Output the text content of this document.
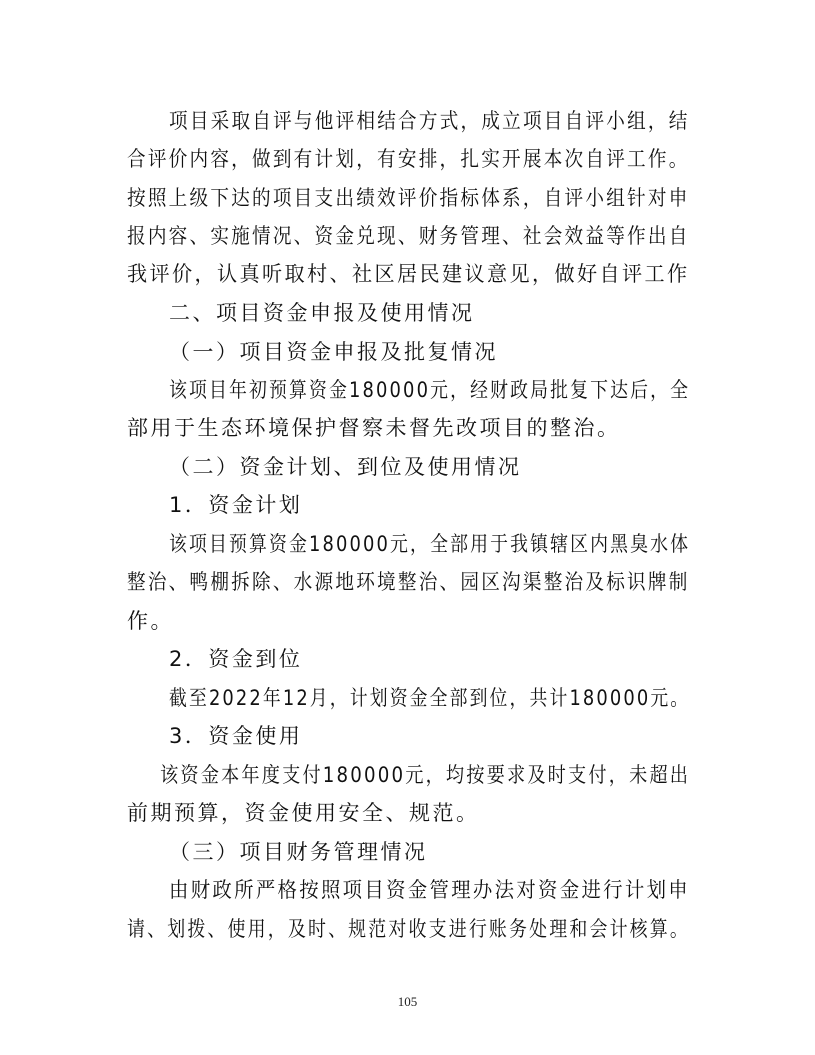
项目采取自评与他评相结合方式，成立项目自评小组，结
合评价内容，做到有计划，有安排，扎实开展本次自评工作。
按照上级下达的项目支出绩效评价指标体系，自评小组针对申
报内容、实施情况、资金兑现、财务管理、社会效益等作出自
我评价，认真听取村、社区居民建议意见，做好自评工作
二、项目资金申报及使用情况
（一）项目资金申报及批复情况
该项目年初预算资金180000元，经财政局批复下达后，全
部用于生态环境保护督察未督先改项目的整治。
（二）资金计划、到位及使用情况
1．资金计划
该项目预算资金180000元，全部用于我镇辖区内黑臭水体
整治、鸭棚拆除、水源地环境整治、园区沟渠整治及标识牌制
作。
2．资金到位
截至2022年12月，计划资金全部到位，共计180000元。
3．资金使用
该资金本年度支付180000元，均按要求及时支付，未超出
前期预算，资金使用安全、规范。
（三）项目财务管理情况
由财政所严格按照项目资金管理办法对资金进行计划申
请、划拨、使用，及时、规范对收支进行账务处理和会计核算。
105
